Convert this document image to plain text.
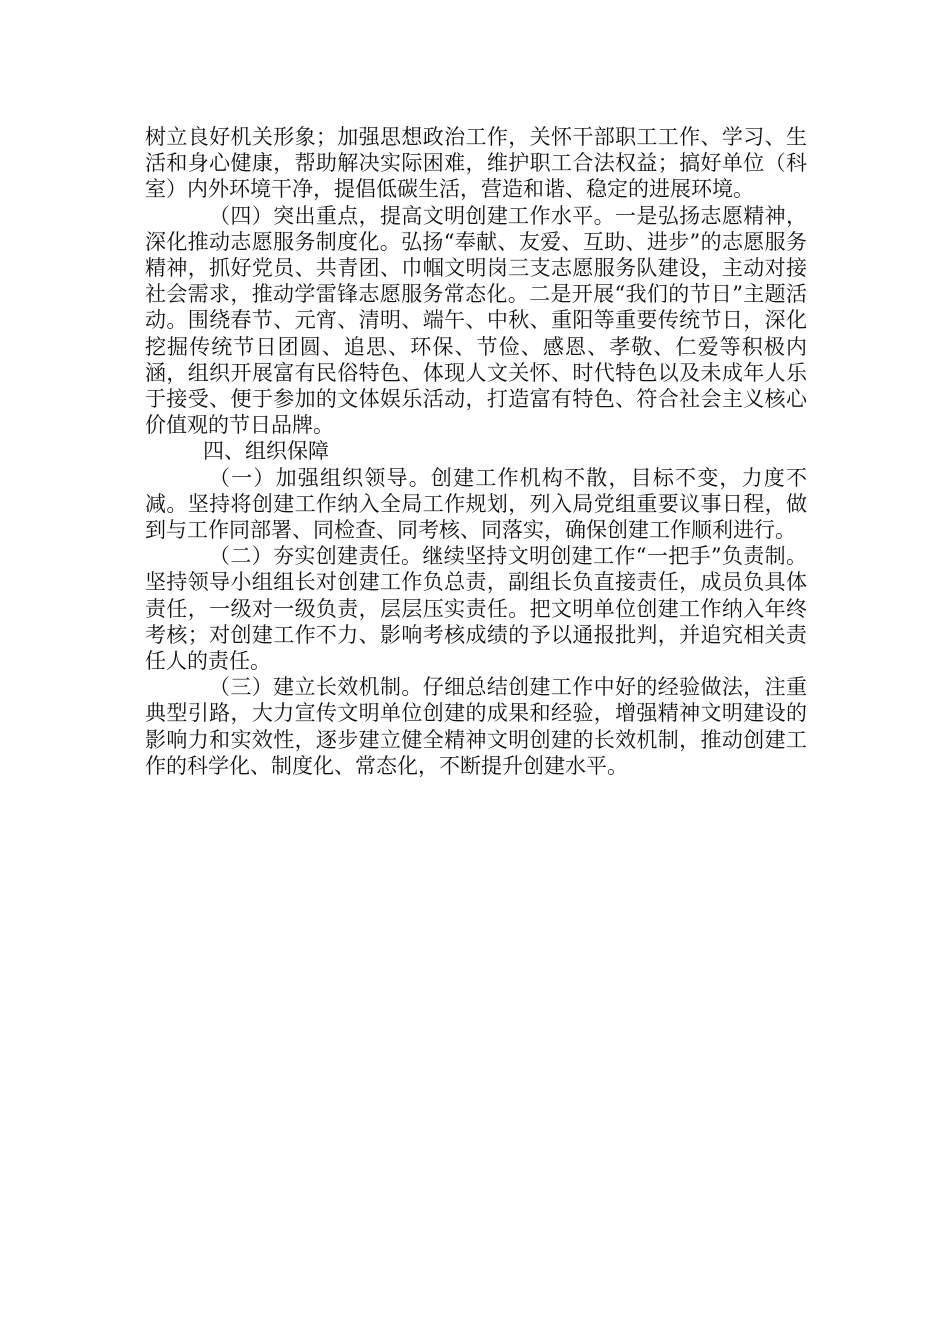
树立良好机关形象；加强思想政治工作，关怀干部职工工作、学习、生活和身心健康，帮助解决实际困难，维护职工合法权益；搞好单位（科室）内外环境干净，提倡低碳生活，营造和谐、稳定的进展环境。

（四）突出重点，提高文明创建工作水平。一是弘扬志愿精神，深化推动志愿服务制度化。弘扬“奉献、友爱、互助、进步”的志愿服务精神，抓好党员、共青团、巾帼文明岗三支志愿服务队建设，主动对接社会需求，推动学雷锋志愿服务常态化。二是开展“我们的节日”主题活动。围绕春节、元宵、清明、端午、中秋、重阳等重要传统节日，深化挖掘传统节日团圆、追思、环保、节俭、感恩、孝敬、仁爱等积极内涵，组织开展富有民俗特色、体现人文关怀、时代特色以及未成年人乐于接受、便于参加的文体娱乐活动，打造富有特色、符合社会主义核心价值观的节日品牌。

四、组织保障

（一）加强组织领导。创建工作机构不散，目标不变，力度不减。坚持将创建工作纳入全局工作规划，列入局党组重要议事日程，做到与工作同部署、同检查、同考核、同落实，确保创建工作顺利进行。

（二）夯实创建责任。继续坚持文明创建工作“一把手”负责制。坚持领导小组组长对创建工作负总责，副组长负直接责任，成员负具体责任，一级对一级负责，层层压实责任。把文明单位创建工作纳入年终考核；对创建工作不力、影响考核成绩的予以通报批判，并追究相关责任人的责任。

（三）建立长效机制。仔细总结创建工作中好的经验做法，注重典型引路，大力宣传文明单位创建的成果和经验，增强精神文明建设的影响力和实效性，逐步建立健全精神文明创建的长效机制，推动创建工作的科学化、制度化、常态化，不断提升创建水平。
